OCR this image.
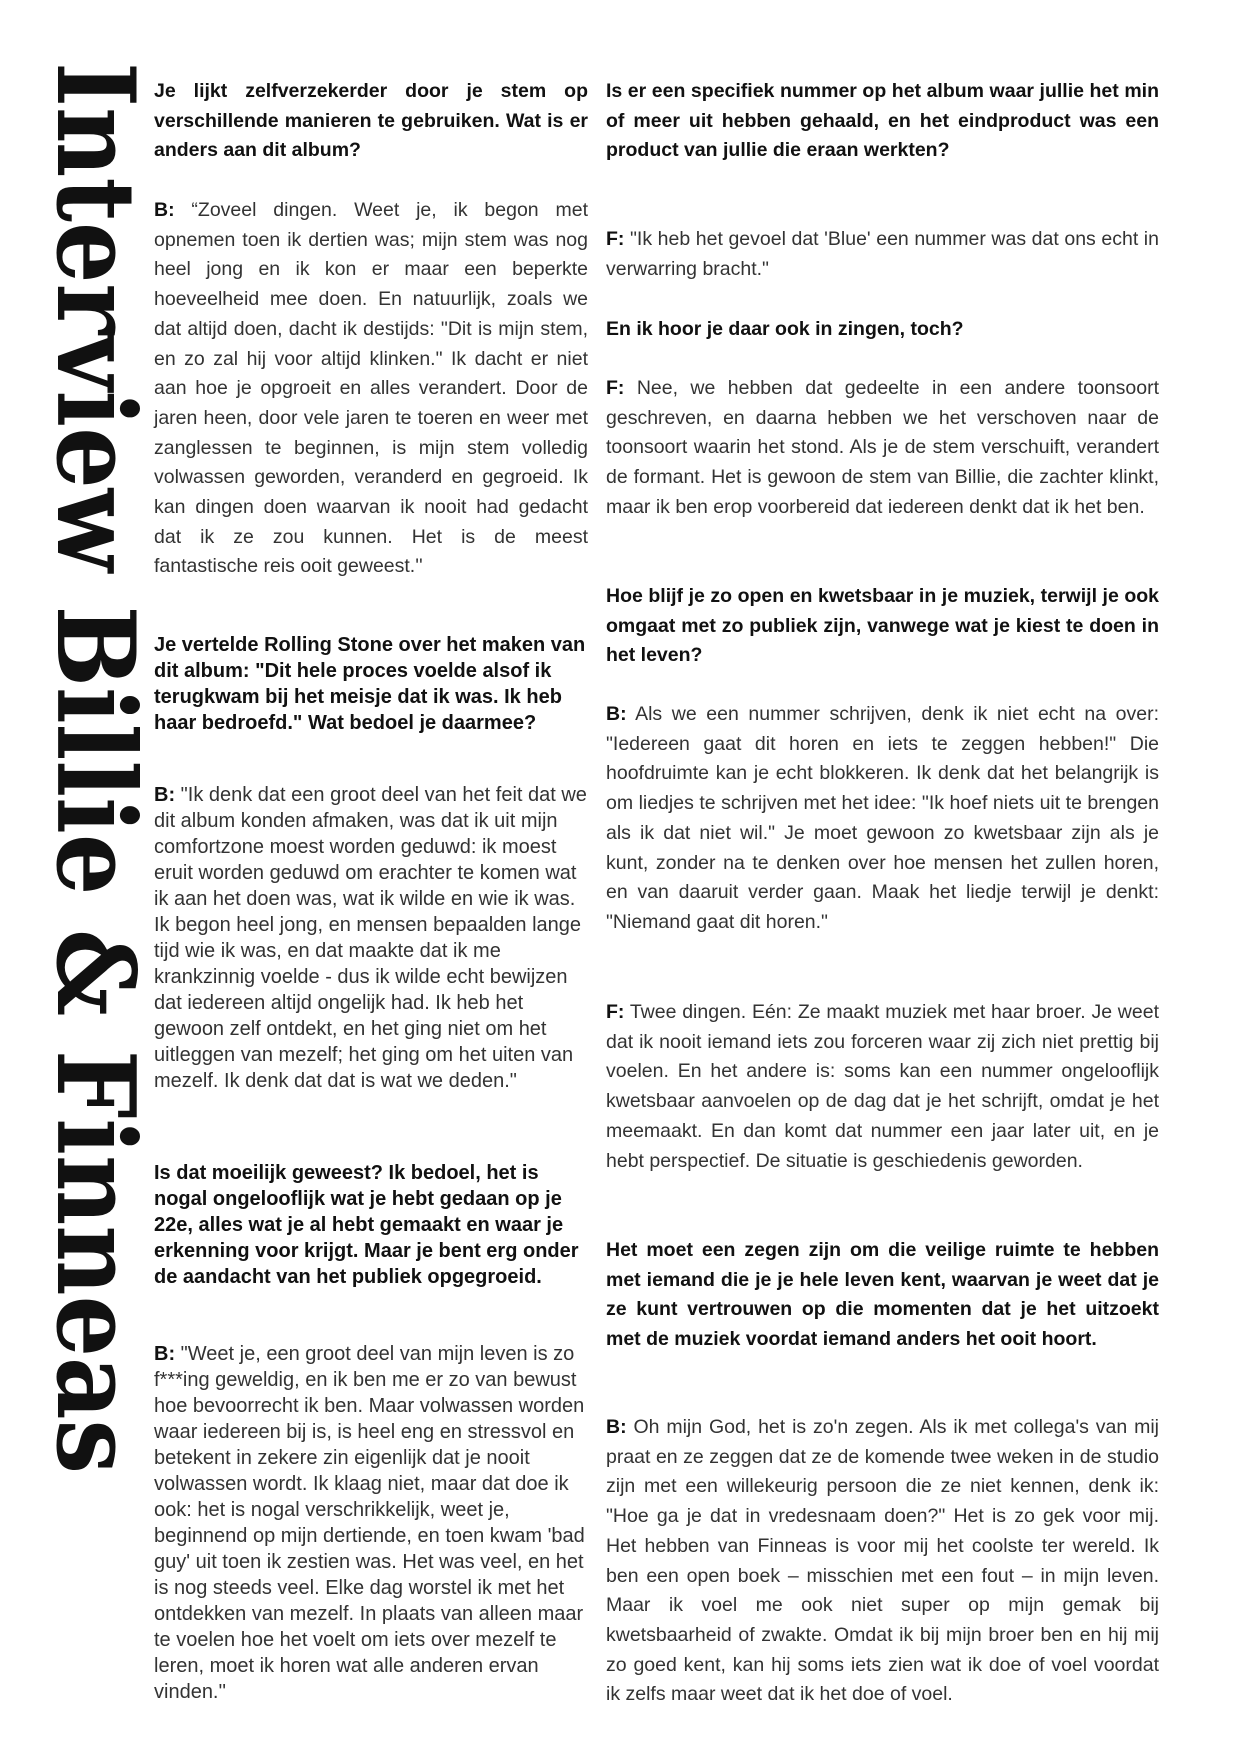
Interview Billie & Finneas

Je lijkt zelfverzekerder door je stem op verschillende manieren te gebruiken. Wat is er anders aan dit album?

B: “Zoveel dingen. Weet je, ik begon met opnemen toen ik dertien was; mijn stem was nog heel jong en ik kon er maar een beperkte hoeveelheid mee doen. En natuurlijk, zoals we dat altijd doen, dacht ik destijds: "Dit is mijn stem, en zo zal hij voor altijd klinken." Ik dacht er niet aan hoe je opgroeit en alles verandert. Door de jaren heen, door vele jaren te toeren en weer met zanglessen te beginnen, is mijn stem volledig volwassen geworden, veranderd en gegroeid. Ik kan dingen doen waarvan ik nooit had gedacht dat ik ze zou kunnen. Het is de meest fantastische reis ooit geweest.''

Je vertelde Rolling Stone over het maken van dit album: "Dit hele proces voelde alsof ik terugkwam bij het meisje dat ik was. Ik heb haar bedroefd." Wat bedoel je daarmee?

B: "Ik denk dat een groot deel van het feit dat we dit album konden afmaken, was dat ik uit mijn comfortzone moest worden geduwd: ik moest eruit worden geduwd om erachter te komen wat ik aan het doen was, wat ik wilde en wie ik was. Ik begon heel jong, en mensen bepaalden lange tijd wie ik was, en dat maakte dat ik me krankzinnig voelde - dus ik wilde echt bewijzen dat iedereen altijd ongelijk had. Ik heb het gewoon zelf ontdekt, en het ging niet om het uitleggen van mezelf; het ging om het uiten van mezelf. Ik denk dat dat is wat we deden."

Is dat moeilijk geweest? Ik bedoel, het is nogal ongelooflijk wat je hebt gedaan op je 22e, alles wat je al hebt gemaakt en waar je erkenning voor krijgt. Maar je bent erg onder de aandacht van het publiek opgegroeid.

B: "Weet je, een groot deel van mijn leven is zo f***ing geweldig, en ik ben me er zo van bewust hoe bevoorrecht ik ben. Maar volwassen worden waar iedereen bij is, is heel eng en stressvol en betekent in zekere zin eigenlijk dat je nooit volwassen wordt. Ik klaag niet, maar dat doe ik ook: het is nogal verschrikkelijk, weet je, beginnend op mijn dertiende, en toen kwam 'bad guy' uit toen ik zestien was. Het was veel, en het is nog steeds veel. Elke dag worstel ik met het ontdekken van mezelf. In plaats van alleen maar te voelen hoe het voelt om iets over mezelf te leren, moet ik horen wat alle anderen ervan vinden.''

Is er een specifiek nummer op het album waar jullie het min of meer uit hebben gehaald, en het eindproduct was een product van jullie die eraan werkten?

F: "Ik heb het gevoel dat 'Blue' een nummer was dat ons echt in verwarring bracht."

En ik hoor je daar ook in zingen, toch?

F: Nee, we hebben dat gedeelte in een andere toonsoort geschreven, en daarna hebben we het verschoven naar de toonsoort waarin het stond. Als je de stem verschuift, verandert de formant. Het is gewoon de stem van Billie, die zachter klinkt, maar ik ben erop voorbereid dat iedereen denkt dat ik het ben.

Hoe blijf je zo open en kwetsbaar in je muziek, terwijl je ook omgaat met zo publiek zijn, vanwege wat je kiest te doen in het leven?

B: Als we een nummer schrijven, denk ik niet echt na over: "Iedereen gaat dit horen en iets te zeggen hebben!" Die hoofdruimte kan je echt blokkeren. Ik denk dat het belangrijk is om liedjes te schrijven met het idee: "Ik hoef niets uit te brengen als ik dat niet wil." Je moet gewoon zo kwetsbaar zijn als je kunt, zonder na te denken over hoe mensen het zullen horen, en van daaruit verder gaan. Maak het liedje terwijl je denkt: "Niemand gaat dit horen."

F: Twee dingen. Eén: Ze maakt muziek met haar broer. Je weet dat ik nooit iemand iets zou forceren waar zij zich niet prettig bij voelen. En het andere is: soms kan een nummer ongelooflijk kwetsbaar aanvoelen op de dag dat je het schrijft, omdat je het meemaakt. En dan komt dat nummer een jaar later uit, en je hebt perspectief. De situatie is geschiedenis geworden.

Het moet een zegen zijn om die veilige ruimte te hebben met iemand die je je hele leven kent, waarvan je weet dat je ze kunt vertrouwen op die momenten dat je het uitzoekt met de muziek voordat iemand anders het ooit hoort.

B: Oh mijn God, het is zo'n zegen. Als ik met collega's van mij praat en ze zeggen dat ze de komende twee weken in de studio zijn met een willekeurig persoon die ze niet kennen, denk ik: "Hoe ga je dat in vredesnaam doen?" Het is zo gek voor mij. Het hebben van Finneas is voor mij het coolste ter wereld. Ik ben een open boek – misschien met een fout – in mijn leven. Maar ik voel me ook niet super op mijn gemak bij kwetsbaarheid of zwakte. Omdat ik bij mijn broer ben en hij mij zo goed kent, kan hij soms iets zien wat ik doe of voel voordat ik zelfs maar weet dat ik het doe of voel.
